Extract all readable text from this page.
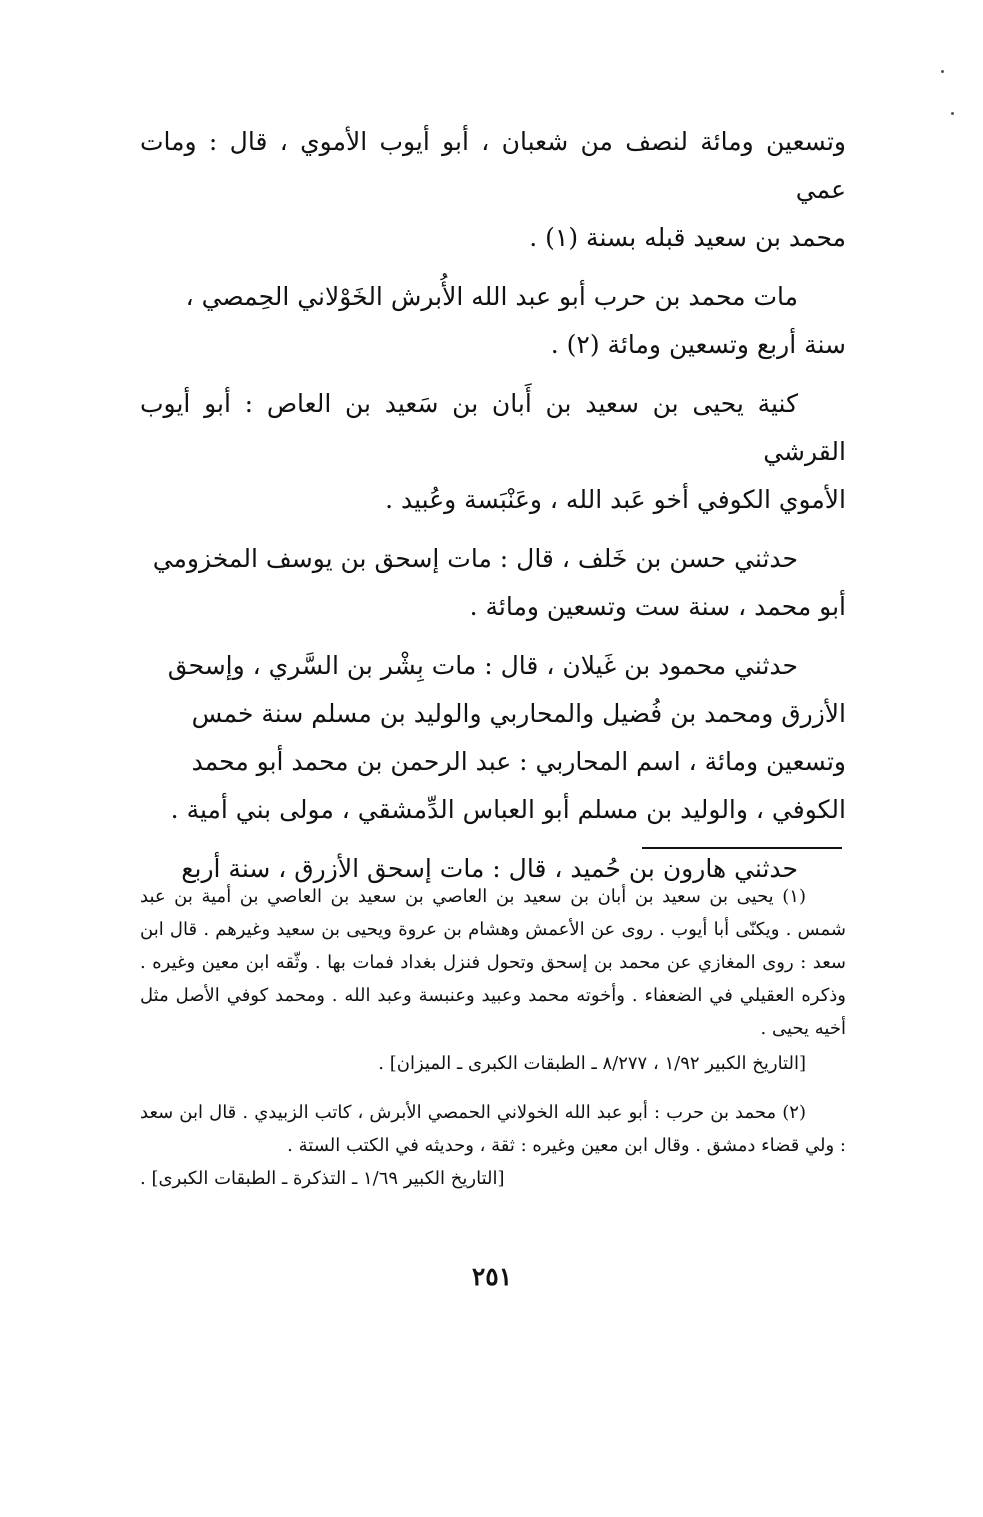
وتسعين ومائة لنصف من شعبان ، أبو أيوب الأموي ، قال : ومات عمي
محمد بن سعيد قبله بسنة (١) .

مات محمد بن حرب أبو عبد الله الأُبرش الخَوْلاني الحِمصي ،
سنة أربع وتسعين ومائة (٢) .

كنية يحيى بن سعيد بن أَبان بن سَعيد بن العاص : أبو أيوب القرشي
الأموي الكوفي أخو عَبد الله ، وعَنْبَسة وعُبيد .

حدثني حسن بن خَلف ، قال : مات إسحق بن يوسف المخزومي
أبو محمد ، سنة ست وتسعين ومائة .

حدثني محمود بن غَيلان ، قال : مات بِشْر بن السَّري ، وإسحق
الأزرق ومحمد بن فُضيل والمحاربي والوليد بن مسلم سنة خمس
وتسعين ومائة ، اسم المحاربي : عبد الرحمن بن محمد أبو محمد
الكوفي ، والوليد بن مسلم أبو العباس الدِّمشقي ، مولى بني أمية .

حدثني هارون بن حُميد ، قال : مات إسحق الأزرق ، سنة أربع

(١) يحيى بن سعيد بن أبان بن سعيد بن العاصي بن سعيد بن العاصي بن أمية بن عبد شمس . ويكنّى أبا أيوب . روى عن الأعمش وهشام بن عروة ويحيى بن سعيد وغيرهم . قال ابن سعد : روى المغازي عن محمد بن إسحق وتحول فنزل بغداد فمات بها . وثّقه ابن معين وغيره . وذكره العقيلي في الضعفاء . وأخوته محمد وعبيد وعنبسة وعبد الله . ومحمد كوفي الأصل مثل أخيه يحيى .

[التاريخ الكبير ١/٩٢ ، ٨/٢٧٧ ـ الطبقات الكبرى ـ الميزان] .

(٢) محمد بن حرب : أبو عبد الله الخولاني الحمصي الأبرش ، كاتب الزبيدي . قال ابن سعد : ولي قضاء دمشق . وقال ابن معين وغيره : ثقة ، وحديثه في الكتب الستة .

[التاريخ الكبير ١/٦٩ ـ التذكرة ـ الطبقات الكبرى] .

٢٥١
